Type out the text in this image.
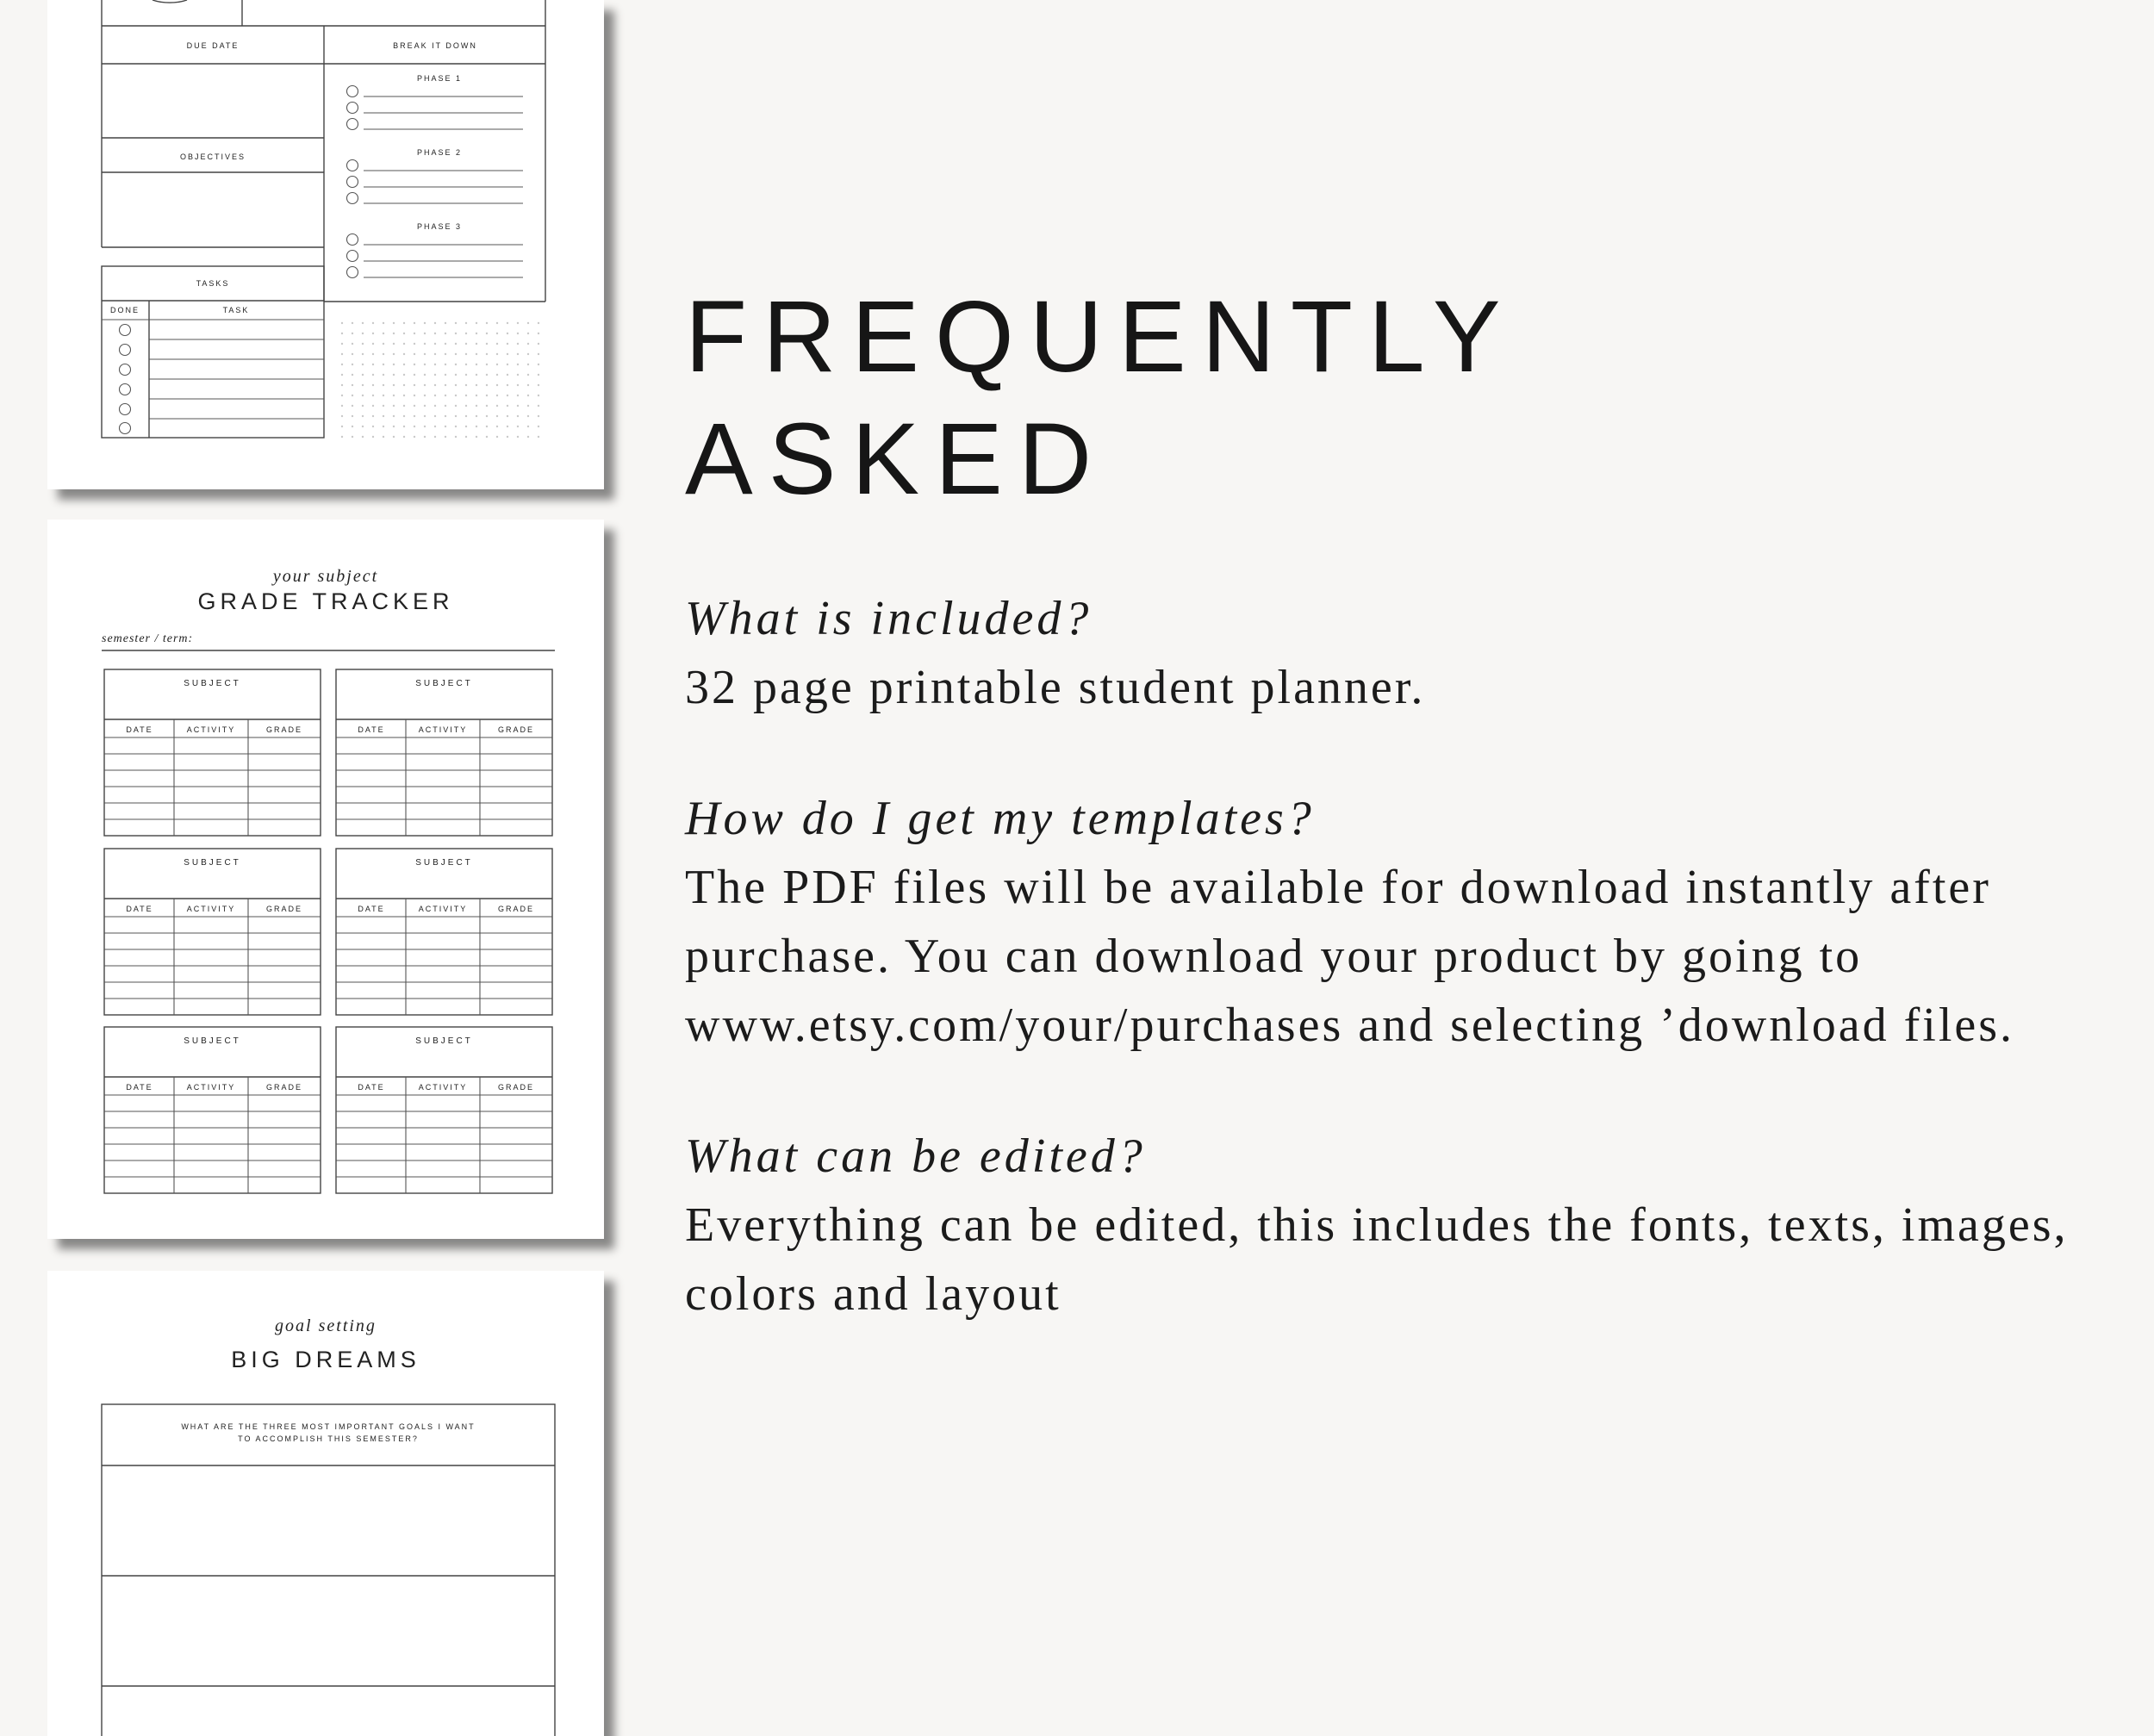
DUE DATE	BREAK IT DOWN
OBJECTIVES
PHASE 1
PHASE 2
PHASE 3
TASKS
DONE	TASK
your subject
GRADE TRACKER
semester / term:
SUBJECT
DATE	ACTIVITY	GRADE
SUBJECT
DATE	ACTIVITY	GRADE
SUBJECT
DATE	ACTIVITY	GRADE
SUBJECT
DATE	ACTIVITY	GRADE
SUBJECT
DATE	ACTIVITY	GRADE
SUBJECT
DATE	ACTIVITY	GRADE
goal setting
BIG DREAMS
WHAT ARE THE THREE MOST IMPORTANT GOALS I WANT
TO ACCOMPLISH THIS SEMESTER?
FREQUENTLY
ASKED

What is included?

32 page printable student planner.

How do I get my templates?

The PDF files will be available for download instantly after purchase. You can download your product by going to www.etsy.com/your/purchases and selecting ’download files.

What can be edited?

Everything can be edited, this includes the fonts, texts, images, colors and layout
